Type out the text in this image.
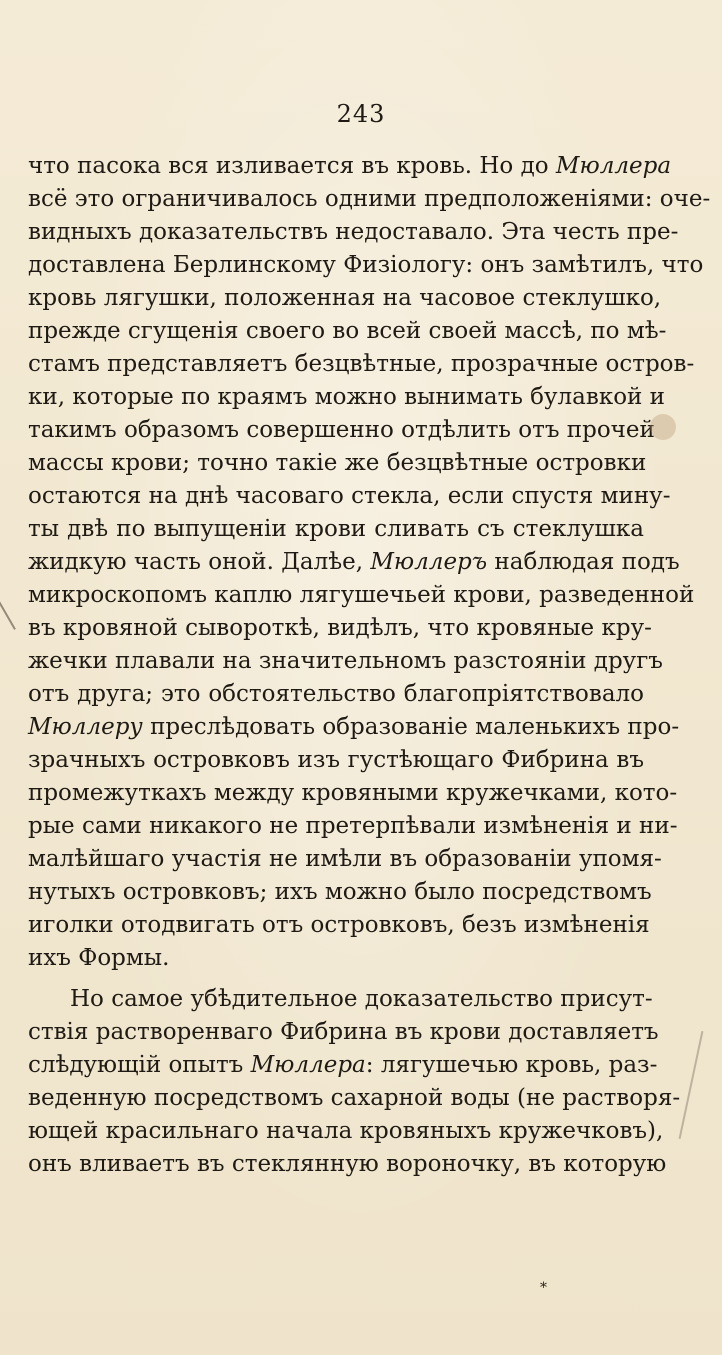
243
что пасока вся изливается въ кровь. Но до Мюллера
всё это ограничивалось одними предположеніями: оче-
видныхъ доказательствъ недоставало. Эта честь пре-
доставлена Берлинскому Физіологу: онъ замѣтилъ, что
кровь лягушки, положенная на часовое стеклушко,
прежде сгущенія своего во всей своей массѣ, по мѣ-
стамъ представляетъ безцвѣтные, прозрачные остров-
ки, которые по краямъ можно вынимать булавкой и
такимъ образомъ совершенно отдѣлить отъ прочей
массы крови; точно такіе же безцвѣтные островки
остаются на днѣ часоваго стекла, если спустя мину-
ты двѣ по выпущеніи крови сливать съ стеклушка
жидкую часть оной. Далѣе, Мюллеръ наблюдая подъ
микроскопомъ каплю лягушечьей крови, разведенной
въ кровяной сывороткѣ, видѣлъ, что кровяные кру-
жечки плавали на значительномъ разстояніи другъ
отъ друга; это обстоятельство благопріятствовало
Мюллеру преслѣдовать образованіе маленькихъ про-
зрачныхъ островковъ изъ густѣющаго Фибрина въ
промежуткахъ между кровяными кружечками, кото-
рые сами никакого не претерпѣвали измѣненія и ни-
малѣйшаго участія не имѣли въ образованіи упомя-
нутыхъ островковъ; ихъ можно было посредствомъ
иголки отодвигать отъ островковъ, безъ измѣненія
ихъ Формы.
Но самое убѣдительное доказательство присут-
ствія растворенваго Фибрина въ крови доставляетъ
слѣдующій опытъ Мюллера: лягушечью кровь, раз-
веденную посредствомъ сахарной воды (не растворя-
ющей красильнаго начала кровяныхъ кружечковъ),
онъ вливаетъ въ стеклянную вороночку, въ которую
*
